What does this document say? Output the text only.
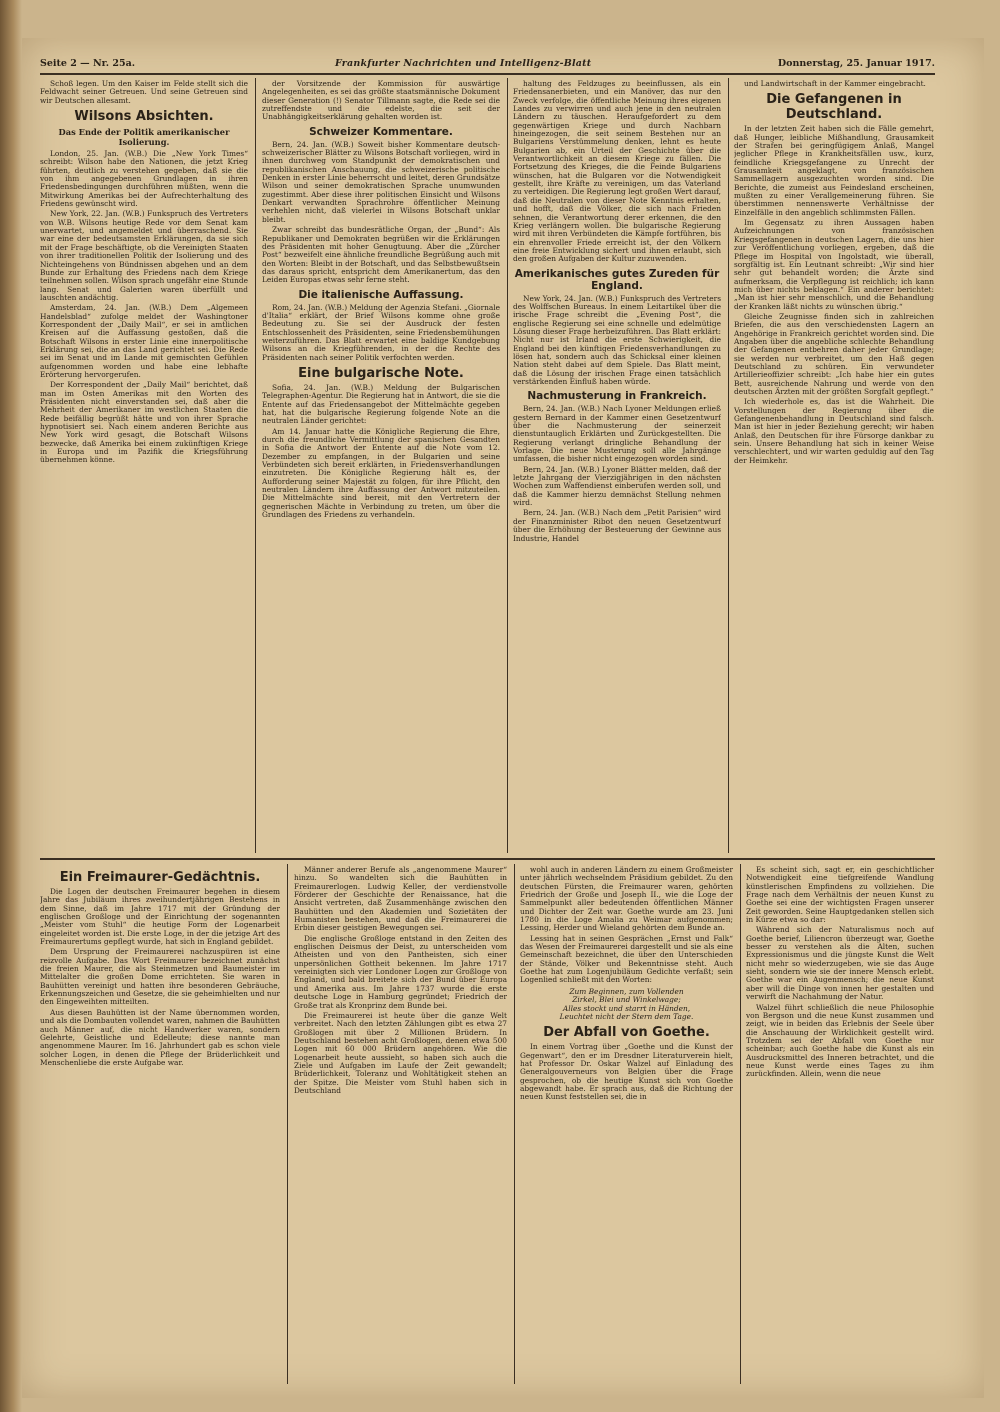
Seite 2 — Nr. 25a.	Frankfurter Nachrichten und Intelligenz-Blatt	Donnerstag, 25. Januar 1917.

Schoß legen. Um den Kaiser im Felde stellt sich die Feldwacht seiner Getreuen. Und seine Getreuen sind wir Deutschen allesamt.

Wilsons Absichten.
Das Ende der Politik amerikanischer Isolierung.

London, 25. Jan. (W.B.) Die „New York Times“ schreibt: Wilson habe den Nationen, die jetzt Krieg führten, deutlich zu verstehen gegeben, daß sie die von ihm angegebenen Grundlagen in ihren Friedensbedingungen durchführen müßten, wenn die Mitwirkung Amerikas bei der Aufrechterhaltung des Friedens gewünscht wird.

New York, 22. Jan. (W.B.) Funkspruch des Vertreters von W.B. Wilsons heutige Rede vor dem Senat kam unerwartet, und angemeldet und überraschend. Sie war eine der bedeutsamsten Erklärungen, da sie sich mit der Frage beschäftigte, ob die Vereinigten Staaten von ihrer traditionellen Politik der Isolierung und des Nichteingehens von Bündnissen abgehen und an dem Bunde zur Erhaltung des Friedens nach dem Kriege teilnehmen sollen. Wilson sprach ungefähr eine Stunde lang. Senat und Galerien waren überfüllt und lauschten andächtig.

Amsterdam, 24. Jan. (W.B.) Dem „Algemeen Handelsblad“ zufolge meldet der Washingtoner Korrespondent der „Daily Mail“, er sei in amtlichen Kreisen auf die Auffassung gestoßen, daß die Botschaft Wilsons in erster Linie eine innerpolitische Erklärung sei, die an das Land gerichtet sei. Die Rede sei im Senat und im Lande mit gemischten Gefühlen aufgenommen worden und habe eine lebhafte Erörterung hervorgerufen.

Der Korrespondent der „Daily Mail“ berichtet, daß man im Osten Amerikas mit den Worten des Präsidenten nicht einverstanden sei, daß aber die Mehrheit der Amerikaner im westlichen Staaten die Rede beifällig begrüßt hätte und von ihrer Sprache hypnotisiert sei. Nach einem anderen Berichte aus New York wird gesagt, die Botschaft Wilsons bezwecke, daß Amerika bei einem zukünftigen Kriege in Europa und im Pazifik die Kriegsführung übernehmen könne.

der Vorsitzende der Kommission für auswärtige Angelegenheiten, es sei das größte staatsmännische Dokument dieser Generation (!) Senator Tillmann sagte, die Rede sei die zutreffendste und die edelste, die seit der Unabhängigkeitserklärung gehalten worden ist.

Schweizer Kommentare.

Bern, 24. Jan. (W.B.) Soweit bisher Kommentare deutsch-schweizerischer Blätter zu Wilsons Botschaft vorliegen, wird in ihnen durchweg vom Standpunkt der demokratischen und republikanischen Anschauung, die schweizerische politische Denken in erster Linie beherrscht und leitet, deren Grundsätze Wilson und seiner demokratischen Sprache unumwunden zugestimmt. Aber diese ihrer politischen Einsicht und Wilsons Denkart verwandten Sprachrohre öffentlicher Meinung verhehlen nicht, daß vielerlei in Wilsons Botschaft unklar bleibt.

Zwar schreibt das bundesrätliche Organ, der „Bund“: Als Republikaner und Demokraten begrüßen wir die Erklärungen des Präsidenten mit hoher Genugtuung. Aber die „Zürcher Post“ bezweifelt eine ähnliche freundliche Begrüßung auch mit den Worten: Bleibt in der Botschaft, und das Selbstbewußtsein das daraus spricht, entspricht dem Amerikanertum, das den Leiden Europas etwas sehr ferne steht.

Die italienische Auffassung.

Rom, 24. Jan. (W.B.) Meldung der Agenzia Stefani. „Giornale d'Italia“ erklärt, der Brief Wilsons komme ohne große Bedeutung zu. Sie sei der Ausdruck der festen Entschlossenheit des Präsidenten, seine Friedensbemühungen weiterzuführen. Das Blatt erwartet eine baldige Kundgebung Wilsons an die Kriegführenden, in der die Rechte des Präsidenten nach seiner Politik verfochten werden.

Eine bulgarische Note.

Sofia, 24. Jan. (W.B.) Meldung der Bulgarischen Telegraphen-Agentur. Die Regierung hat in Antwort, die sie die Entente auf das Friedensangebot der Mittelmächte gegeben hat, hat die bulgarische Regierung folgende Note an die neutralen Länder gerichtet:

Am 14. Januar hatte die Königliche Regierung die Ehre, durch die freundliche Vermittlung der spanischen Gesandten in Sofia die Antwort der Entente auf die Note vom 12. Dezember zu empfangen, in der Bulgarien und seine Verbündeten sich bereit erklärten, in Friedensverhandlungen einzutreten. Die Königliche Regierung hält es, der Aufforderung seiner Majestät zu folgen, für ihre Pflicht, den neutralen Ländern ihre Auffassung der Antwort mitzuteilen. Die Mittelmächte sind bereit, mit den Vertretern der gegnerischen Mächte in Verbindung zu treten, um über die Grundlagen des Friedens zu verhandeln.

haltung des Feldzuges zu beeinflussen, als ein Friedensanerbieten, und ein Manöver, das nur den Zweck verfolge, die öffentliche Meinung ihres eigenen Landes zu verwirren und auch jene in den neutralen Ländern zu täuschen. Heraufgefordert zu dem gegenwärtigen Kriege und durch Nachbarn hineingezogen, die seit seinem Bestehen nur an Bulgariens Verstümmelung denken, lehnt es heute Bulgarien ab, ein Urteil der Geschichte über die Verantwortlichkeit an diesem Kriege zu fällen. Die Fortsetzung des Krieges, die die Feinde Bulgariens wünschen, hat die Bulgaren vor die Notwendigkeit gestellt, ihre Kräfte zu vereinigen, um das Vaterland zu verteidigen. Die Regierung legt großen Wert darauf, daß die Neutralen von dieser Note Kenntnis erhalten, und hofft, daß die Völker, die sich nach Frieden sehnen, die Verantwortung derer erkennen, die den Krieg verlängern wollen. Die bulgarische Regierung wird mit ihren Verbündeten die Kämpfe fortführen, bis ein ehrenvoller Friede erreicht ist, der den Völkern eine freie Entwicklung sichert und ihnen erlaubt, sich den großen Aufgaben der Kultur zuzuwenden.

Amerikanisches gutes Zureden für England.

New York, 24. Jan. (W.B.) Funkspruch des Vertreters des Wolffschen Bureaus. In einem Leitartikel über die irische Frage schreibt die „Evening Post“, die englische Regierung sei eine schnelle und edelmütige Lösung dieser Frage herbeizuführen. Das Blatt erklärt: Nicht nur ist Irland die erste Schwierigkeit, die England bei den künftigen Friedensverhandlungen zu lösen hat, sondern auch das Schicksal einer kleinen Nation steht dabei auf dem Spiele. Das Blatt meint, daß die Lösung der irischen Frage einen tatsächlich verstärkenden Einfluß haben würde.

Nachmusterung in Frankreich.

Bern, 24. Jan. (W.B.) Nach Lyoner Meldungen erließ gestern Bernard in der Kammer einen Gesetzentwurf über die Nachmusterung der seinerzeit dienstuntauglich Erklärten und Zurückgestellten. Die Regierung verlangt dringliche Behandlung der Vorlage. Die neue Musterung soll alle Jahrgänge umfassen, die bisher nicht eingezogen worden sind.

Bern, 24. Jan. (W.B.) Lyoner Blätter melden, daß der letzte Jahrgang der Vierzigjährigen in den nächsten Wochen zum Waffendienst einberufen werden soll, und daß die Kammer hierzu demnächst Stellung nehmen wird.

Bern, 24. Jan. (W.B.) Nach dem „Petit Parisien“ wird der Finanzminister Ribot den neuen Gesetzentwurf über die Erhöhung der Besteuerung der Gewinne aus Industrie, Handel

und Landwirtschaft in der Kammer eingebracht.

Die Gefangenen in Deutschland.

In der letzten Zeit haben sich die Fälle gemehrt, daß Hunger, leibliche Mißhandlung, Grausamkeit der Strafen bei geringfügigem Anlaß, Mangel jeglicher Pflege in Krankheitsfällen usw., kurz, feindliche Kriegsgefangene zu Unrecht der Grausamkeit angeklagt, von französischen Sammellagern ausgezuchten worden sind. Die Berichte, die zumeist aus Feindesland erscheinen, mußten zu einer Verallgemeinerung führen. Sie überstimmen nennenswerte Verhältnisse der Einzelfälle in den angeblich schlimmsten Fällen.

Im Gegensatz zu ihren Aussagen haben Aufzeichnungen von französischen Kriegsgefangenen in deutschen Lagern, die uns hier zur Veröffentlichung vorliegen, ergeben, daß die Pflege im Hospital von Ingolstadt, wie überall, sorgfältig ist. Ein Leutnant schreibt: „Wir sind hier sehr gut behandelt worden; die Ärzte sind aufmerksam, die Verpflegung ist reichlich; ich kann mich über nichts beklagen.“ Ein anderer berichtet: „Man ist hier sehr menschlich, und die Behandlung der Kranken läßt nichts zu wünschen übrig.“

Gleiche Zeugnisse finden sich in zahlreichen Briefen, die aus den verschiedensten Lagern an Angehörige in Frankreich gerichtet worden sind. Die Angaben über die angebliche schlechte Behandlung der Gefangenen entbehren daher jeder Grundlage; sie werden nur verbreitet, um den Haß gegen Deutschland zu schüren. Ein verwundeter Artillerieoffizier schreibt: „Ich habe hier ein gutes Bett, ausreichende Nahrung und werde von den deutschen Ärzten mit der größten Sorgfalt gepflegt.“

Ich wiederhole es, das ist die Wahrheit. Die Vorstellungen der Regierung über die Gefangenenbehandlung in Deutschland sind falsch. Man ist hier in jeder Beziehung gerecht; wir haben Anlaß, den Deutschen für ihre Fürsorge dankbar zu sein. Unsere Behandlung hat sich in keiner Weise verschlechtert, und wir warten geduldig auf den Tag der Heimkehr.

Ein Freimaurer-Gedächtnis.

Die Logen der deutschen Freimaurer begehen in diesem Jahre das Jubiläum ihres zweihundertjährigen Bestehens in dem Sinne, daß im Jahre 1717 mit der Gründung der englischen Großloge und der Einrichtung der sogenannten „Meister vom Stuhl“ die heutige Form der Logenarbeit eingeleitet worden ist. Die erste Loge, in der die jetzige Art des Freimaurertums gepflegt wurde, hat sich in England gebildet.

Dem Ursprung der Freimaurerei nachzuspüren ist eine reizvolle Aufgabe. Das Wort Freimaurer bezeichnet zunächst die freien Maurer, die als Steinmetzen und Baumeister im Mittelalter die großen Dome errichteten. Sie waren in Bauhütten vereinigt und hatten ihre besonderen Gebräuche, Erkennungszeichen und Gesetze, die sie geheimhielten und nur den Eingeweihten mitteilten.

Aus diesen Bauhütten ist der Name übernommen worden, und als die Dombauten vollendet waren, nahmen die Bauhütten auch Männer auf, die nicht Handwerker waren, sondern Gelehrte, Geistliche und Edelleute; diese nannte man angenommene Maurer. Im 16. Jahrhundert gab es schon viele solcher Logen, in denen die Pflege der Brüderlichkeit und Menschenliebe die erste Aufgabe war.

Männer anderer Berufe als „angenommene Maurer“ hinzu. So wandelten sich die Bauhütten in Freimaurerlogen. Ludwig Keller, der verdienstvolle Förderer der Geschichte der Renaissance, hat die Ansicht vertreten, daß Zusammenhänge zwischen den Bauhütten und den Akademien und Sozietäten der Humanisten bestehen, und daß die Freimaurerei die Erbin dieser geistigen Bewegungen sei.

Die englische Großloge entstand in den Zeiten des englischen Deismus der Deist, zu unterscheiden vom Atheisten und von den Pantheisten, sich einer unpersönlichen Gottheit bekennen. Im Jahre 1717 vereinigten sich vier Londoner Logen zur Großloge von England, und bald breitete sich der Bund über Europa und Amerika aus. Im Jahre 1737 wurde die erste deutsche Loge in Hamburg gegründet; Friedrich der Große trat als Kronprinz dem Bunde bei.

Die Freimaurerei ist heute über die ganze Welt verbreitet. Nach den letzten Zählungen gibt es etwa 27 Großlogen mit über 2 Millionen Brüdern. In Deutschland bestehen acht Großlogen, denen etwa 500 Logen mit 60 000 Brüdern angehören. Wie die Logenarbeit heute aussieht, so haben sich auch die Ziele und Aufgaben im Laufe der Zeit gewandelt; Brüderlichkeit, Toleranz und Wohltätigkeit stehen an der Spitze. Die Meister vom Stuhl haben sich in Deutschland

wohl auch in anderen Ländern zu einem Großmeister unter jährlich wechselndem Präsidium gebildet. Zu den deutschen Fürsten, die Freimaurer waren, gehörten Friedrich der Große und Joseph II., wie die Loge der Sammelpunkt aller bedeutenden öffentlichen Männer und Dichter der Zeit war. Goethe wurde am 23. Juni 1780 in die Loge Amalia zu Weimar aufgenommen; Lessing, Herder und Wieland gehörten dem Bunde an.

Lessing hat in seinen Gesprächen „Ernst und Falk“ das Wesen der Freimaurerei dargestellt und sie als eine Gemeinschaft bezeichnet, die über den Unterschieden der Stände, Völker und Bekenntnisse steht. Auch Goethe hat zum Logenjubiläum Gedichte verfaßt; sein Logenlied schließt mit den Worten:

Zum Beginnen, zum Vollenden
Zirkel, Blei und Winkelwage;
Alles stockt und starrt in Händen,
Leuchtet nicht der Stern dem Tage.
Der Abfall von Goethe.

In einem Vortrag über „Goethe und die Kunst der Gegenwart“, den er im Dresdner Literaturverein hielt, hat Professor Dr. Oskar Walzel auf Einladung des Generalgouverneurs von Belgien über die Frage gesprochen, ob die heutige Kunst sich von Goethe abgewandt habe. Er sprach aus, daß die Richtung der neuen Kunst feststellen sei, die in

Es scheint sich, sagt er, ein geschichtlicher Notwendigkeit eine tiefgreifende Wandlung künstlerischen Empfindens zu vollziehen. Die Frage nach dem Verhältnis der neuen Kunst zu Goethe sei eine der wichtigsten Fragen unserer Zeit geworden. Seine Hauptgedanken stellen sich in Kürze etwa so dar:

Während sich der Naturalismus noch auf Goethe berief, Liliencron überzeugt war, Goethe besser zu verstehen als die Alten, suchen Expressionismus und die jüngste Kunst die Welt nicht mehr so wiederzugeben, wie sie das Auge sieht, sondern wie sie der innere Mensch erlebt. Goethe war ein Augenmensch; die neue Kunst aber will die Dinge von innen her gestalten und verwirft die Nachahmung der Natur.

Walzel führt schließlich die neue Philosophie von Bergson und die neue Kunst zusammen und zeigt, wie in beiden das Erlebnis der Seele über die Anschauung der Wirklichkeit gestellt wird. Trotzdem sei der Abfall von Goethe nur scheinbar; auch Goethe habe die Kunst als ein Ausdrucksmittel des Inneren betrachtet, und die neue Kunst werde eines Tages zu ihm zurückfinden. Allein, wenn die neue
